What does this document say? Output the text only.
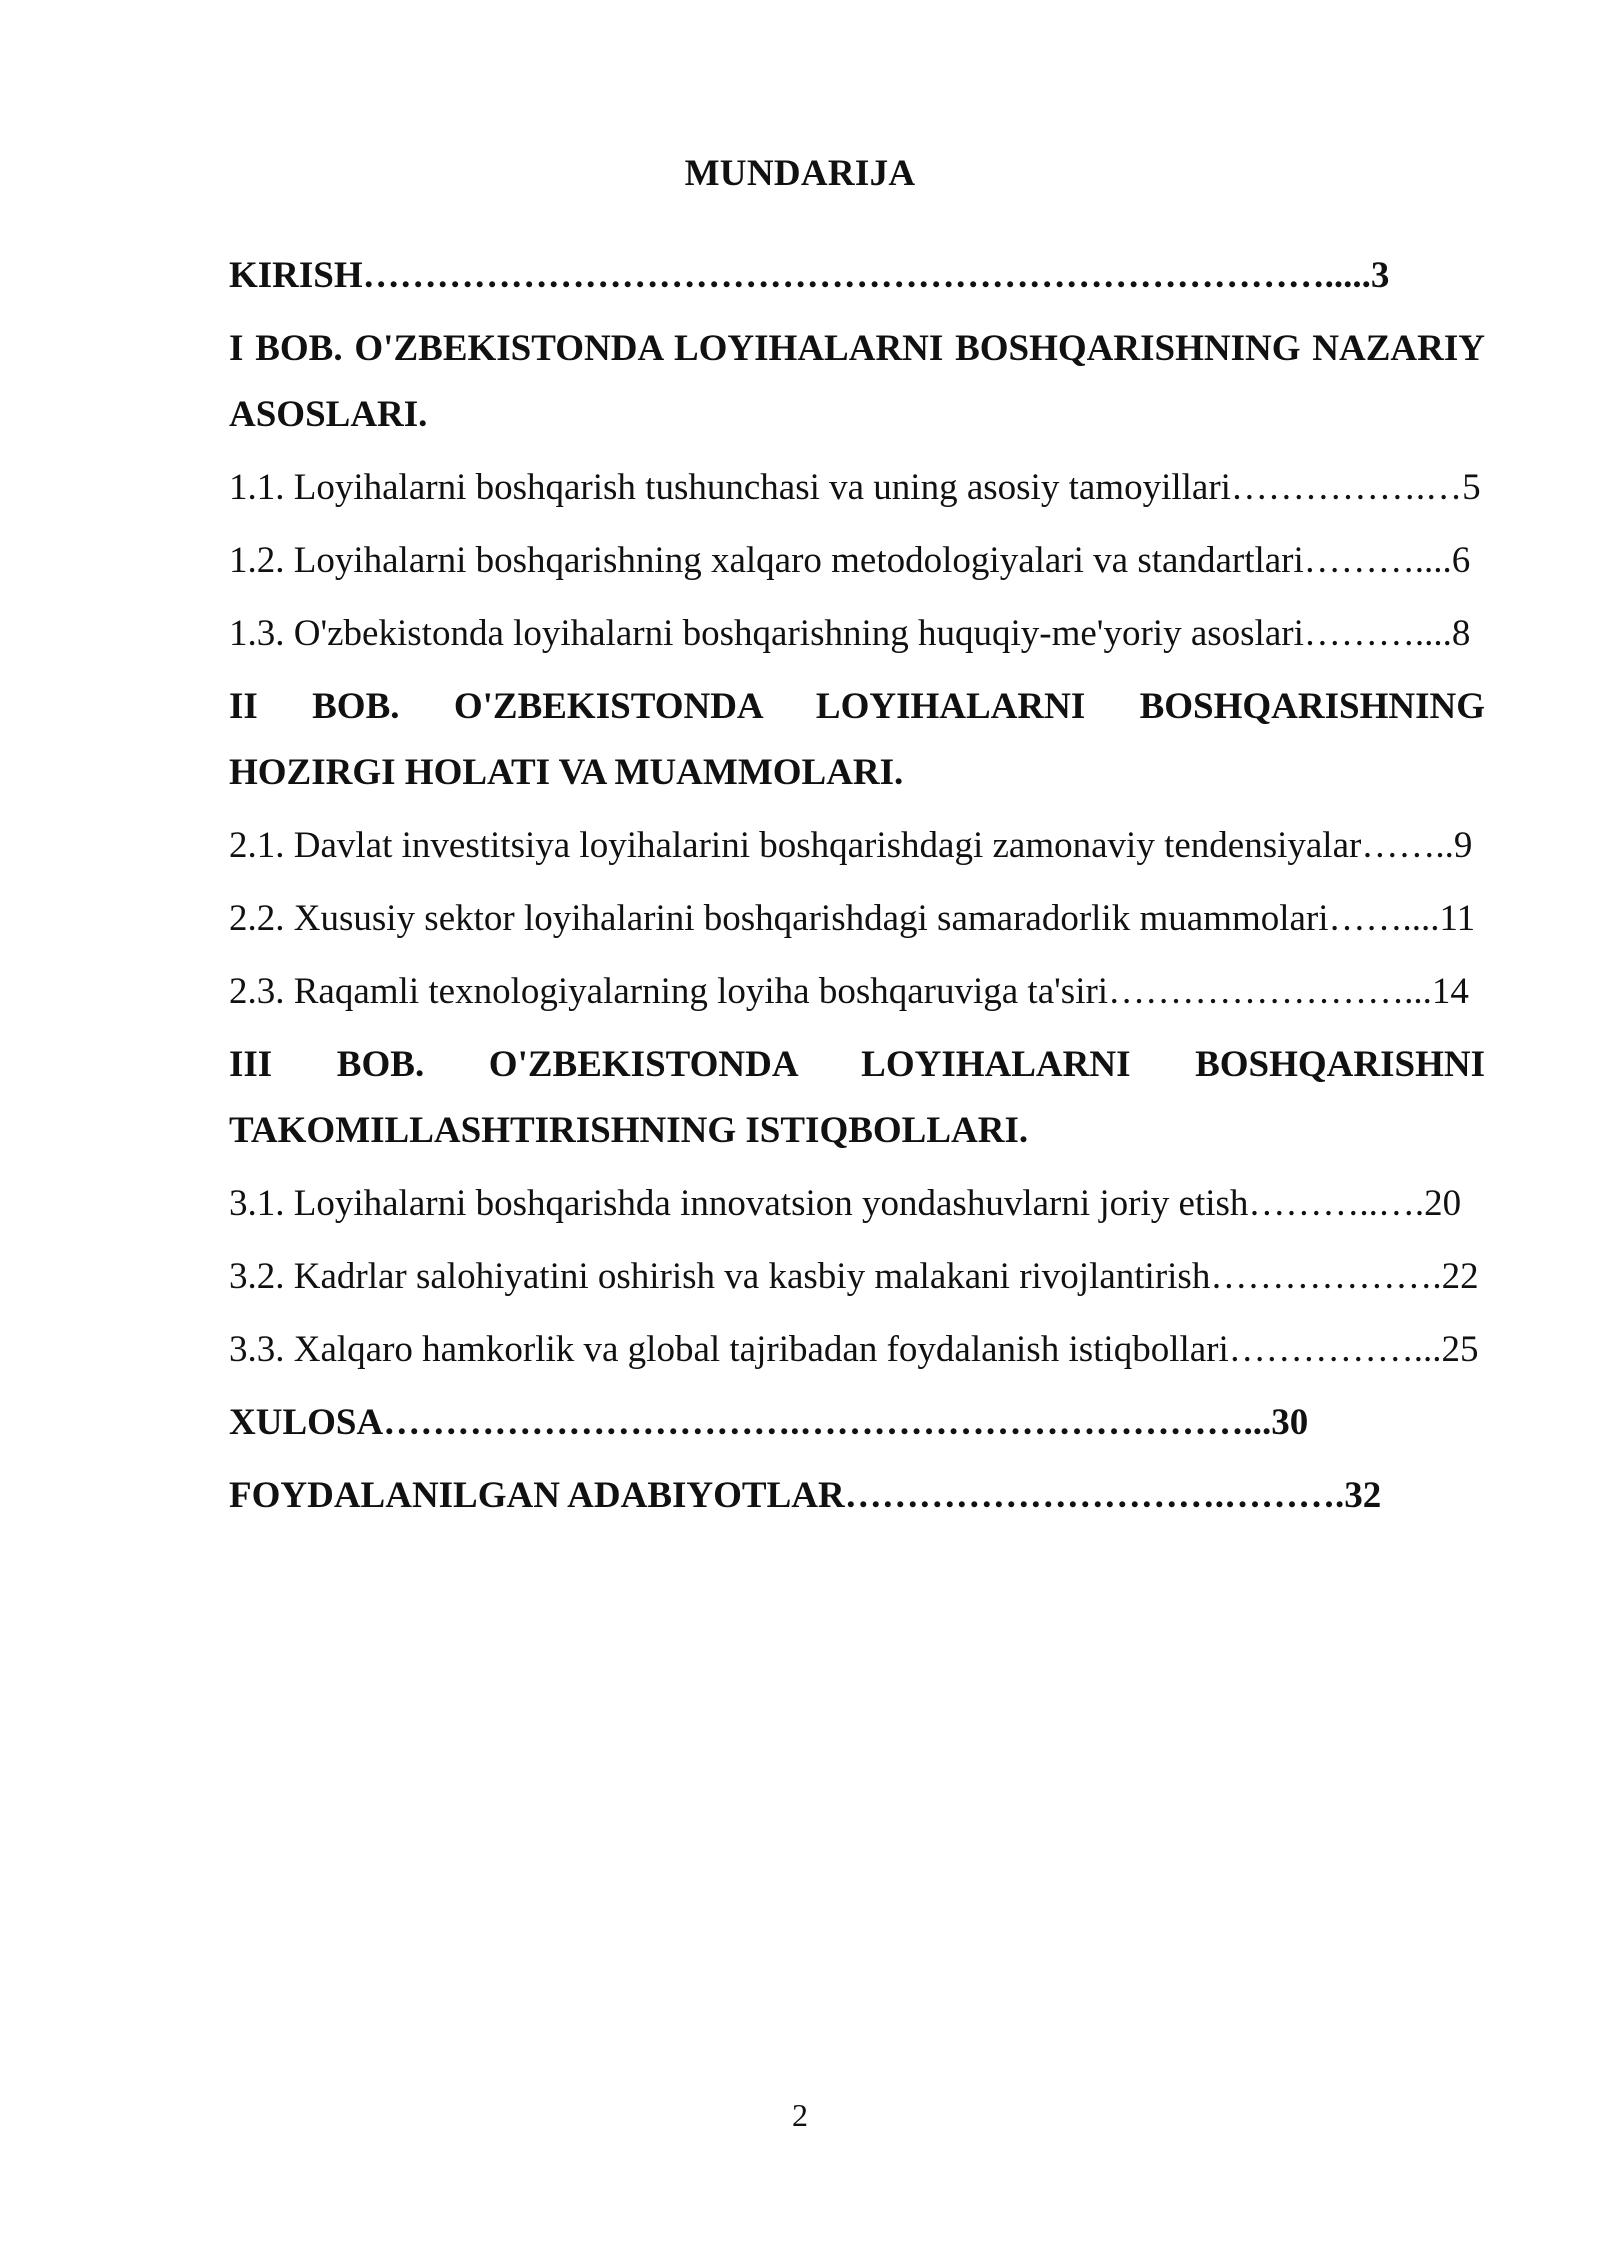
MUNDARIJA
KIRISH…………………………………………………………………….....3
I BOB. O'ZBEKISTONDA LOYIHALARNI BOSHQARISHNING NAZARIY
ASOSLARI.
1.1. Loyihalarni boshqarish tushunchasi va uning asosiy tamoyillari…………….…5
1.2. Loyihalarni boshqarishning xalqaro metodologiyalari va standartlari………....6
1.3. O'zbekistonda loyihalarni boshqarishning huquqiy-me'yoriy asoslari………....8
II BOB. O'ZBEKISTONDA LOYIHALARNI BOSHQARISHNING
HOZIRGI HOLATI VA MUAMMOLARI.
2.1. Davlat investitsiya loyihalarini boshqarishdagi zamonaviy tendensiyalar……..9
2.2. Xususiy sektor loyihalarini boshqarishdagi samaradorlik muammolari……....11
2.3. Raqamli texnologiyalarning loyiha boshqaruviga ta'siri……………………...14
III BOB. O'ZBEKISTONDA LOYIHALARNI BOSHQARISHNI
TAKOMILLASHTIRISHNING ISTIQBOLLARI.
3.1. Loyihalarni boshqarishda innovatsion yondashuvlarni joriy etish………..….20
3.2. Kadrlar salohiyatini oshirish va kasbiy malakani rivojlantirish……………….22
3.3. Xalqaro hamkorlik va global tajribadan foydalanish istiqbollari……………...25
XULOSA…………………………….………………………………...30
FOYDALANILGAN ADABIYOTLAR………………………….……….32
2
